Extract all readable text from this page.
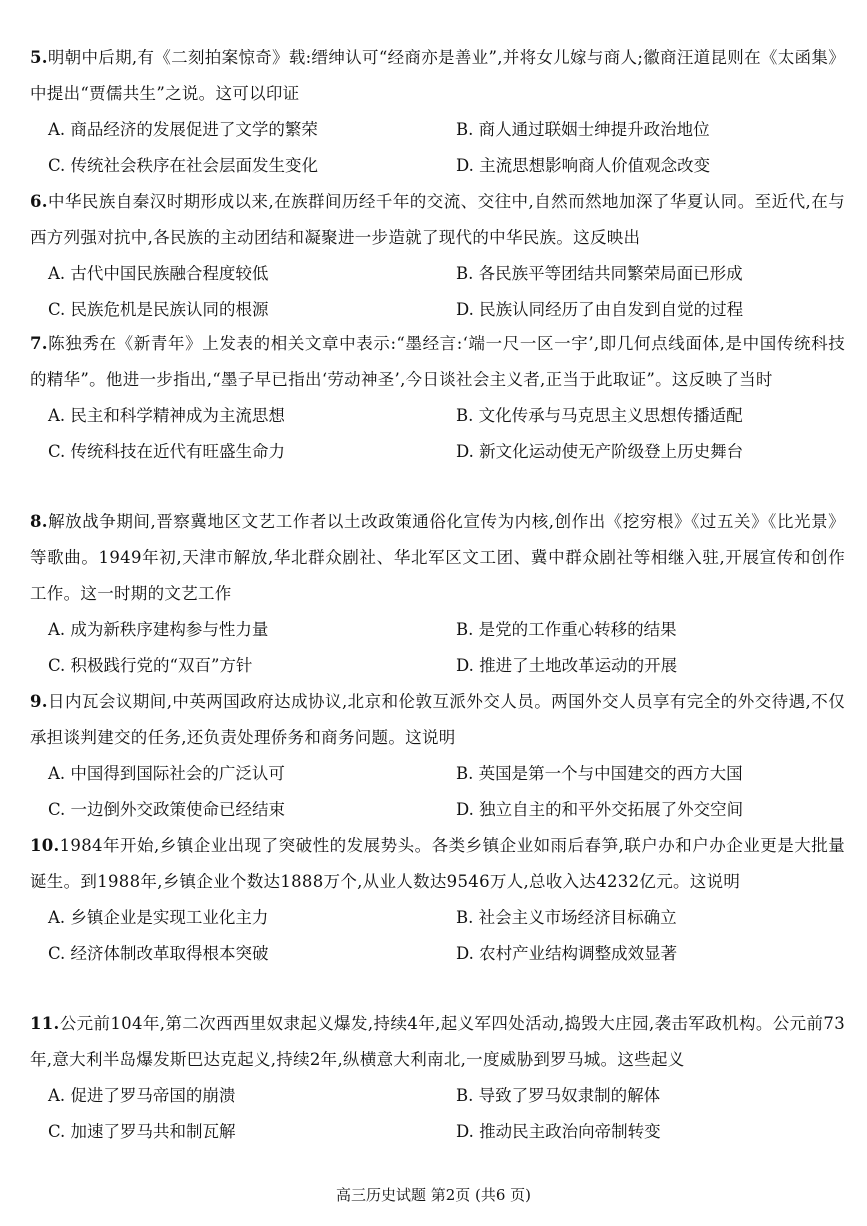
5.明朝中后期,有《二刻拍案惊奇》载:缙绅认可“经商亦是善业”,并将女儿嫁与商人;徽商汪道昆则在《太函集》中提出“贾儒共生”之说。这可以印证
A. 商品经济的发展促进了文学的繁荣	B. 商人通过联姻士绅提升政治地位
C. 传统社会秩序在社会层面发生变化	D. 主流思想影响商人价值观念改变
6.中华民族自秦汉时期形成以来,在族群间历经千年的交流、交往中,自然而然地加深了华夏认同。至近代,在与西方列强对抗中,各民族的主动团结和凝聚进一步造就了现代的中华民族。这反映出
A. 古代中国民族融合程度较低	B. 各民族平等团结共同繁荣局面已形成
C. 民族危机是民族认同的根源	D. 民族认同经历了由自发到自觉的过程
7.陈独秀在《新青年》上发表的相关文章中表示:“墨经言:‘端一尺一区一宇’,即几何点线面体,是中国传统科技的精华”。他进一步指出,“墨子早已指出‘劳动神圣’,今日谈社会主义者,正当于此取证”。这反映了当时
A. 民主和科学精神成为主流思想	B. 文化传承与马克思主义思想传播适配
C. 传统科技在近代有旺盛生命力	D. 新文化运动使无产阶级登上历史舞台
8.解放战争期间,晋察冀地区文艺工作者以土改政策通俗化宣传为内核,创作出《挖穷根》《过五关》《比光景》等歌曲。1949年初,天津市解放,华北群众剧社、华北军区文工团、冀中群众剧社等相继入驻,开展宣传和创作工作。这一时期的文艺工作
A. 成为新秩序建构参与性力量	B. 是党的工作重心转移的结果
C. 积极践行党的“双百”方针	D. 推进了土地改革运动的开展
9.日内瓦会议期间,中英两国政府达成协议,北京和伦敦互派外交人员。两国外交人员享有完全的外交待遇,不仅承担谈判建交的任务,还负责处理侨务和商务问题。这说明
A. 中国得到国际社会的广泛认可	B. 英国是第一个与中国建交的西方大国
C. 一边倒外交政策使命已经结束	D. 独立自主的和平外交拓展了外交空间
10.1984年开始,乡镇企业出现了突破性的发展势头。各类乡镇企业如雨后春笋,联户办和户办企业更是大批量诞生。到1988年,乡镇企业个数达1888万个,从业人数达9546万人,总收入达4232亿元。这说明
A. 乡镇企业是实现工业化主力	B. 社会主义市场经济目标确立
C. 经济体制改革取得根本突破	D. 农村产业结构调整成效显著
11.公元前104年,第二次西西里奴隶起义爆发,持续4年,起义军四处活动,捣毁大庄园,袭击军政机构。公元前73年,意大利半岛爆发斯巴达克起义,持续2年,纵横意大利南北,一度威胁到罗马城。这些起义
A. 促进了罗马帝国的崩溃	B. 导致了罗马奴隶制的解体
C. 加速了罗马共和制瓦解	D. 推动民主政治向帝制转变
高三历史试题 第2页 (共6 页)
